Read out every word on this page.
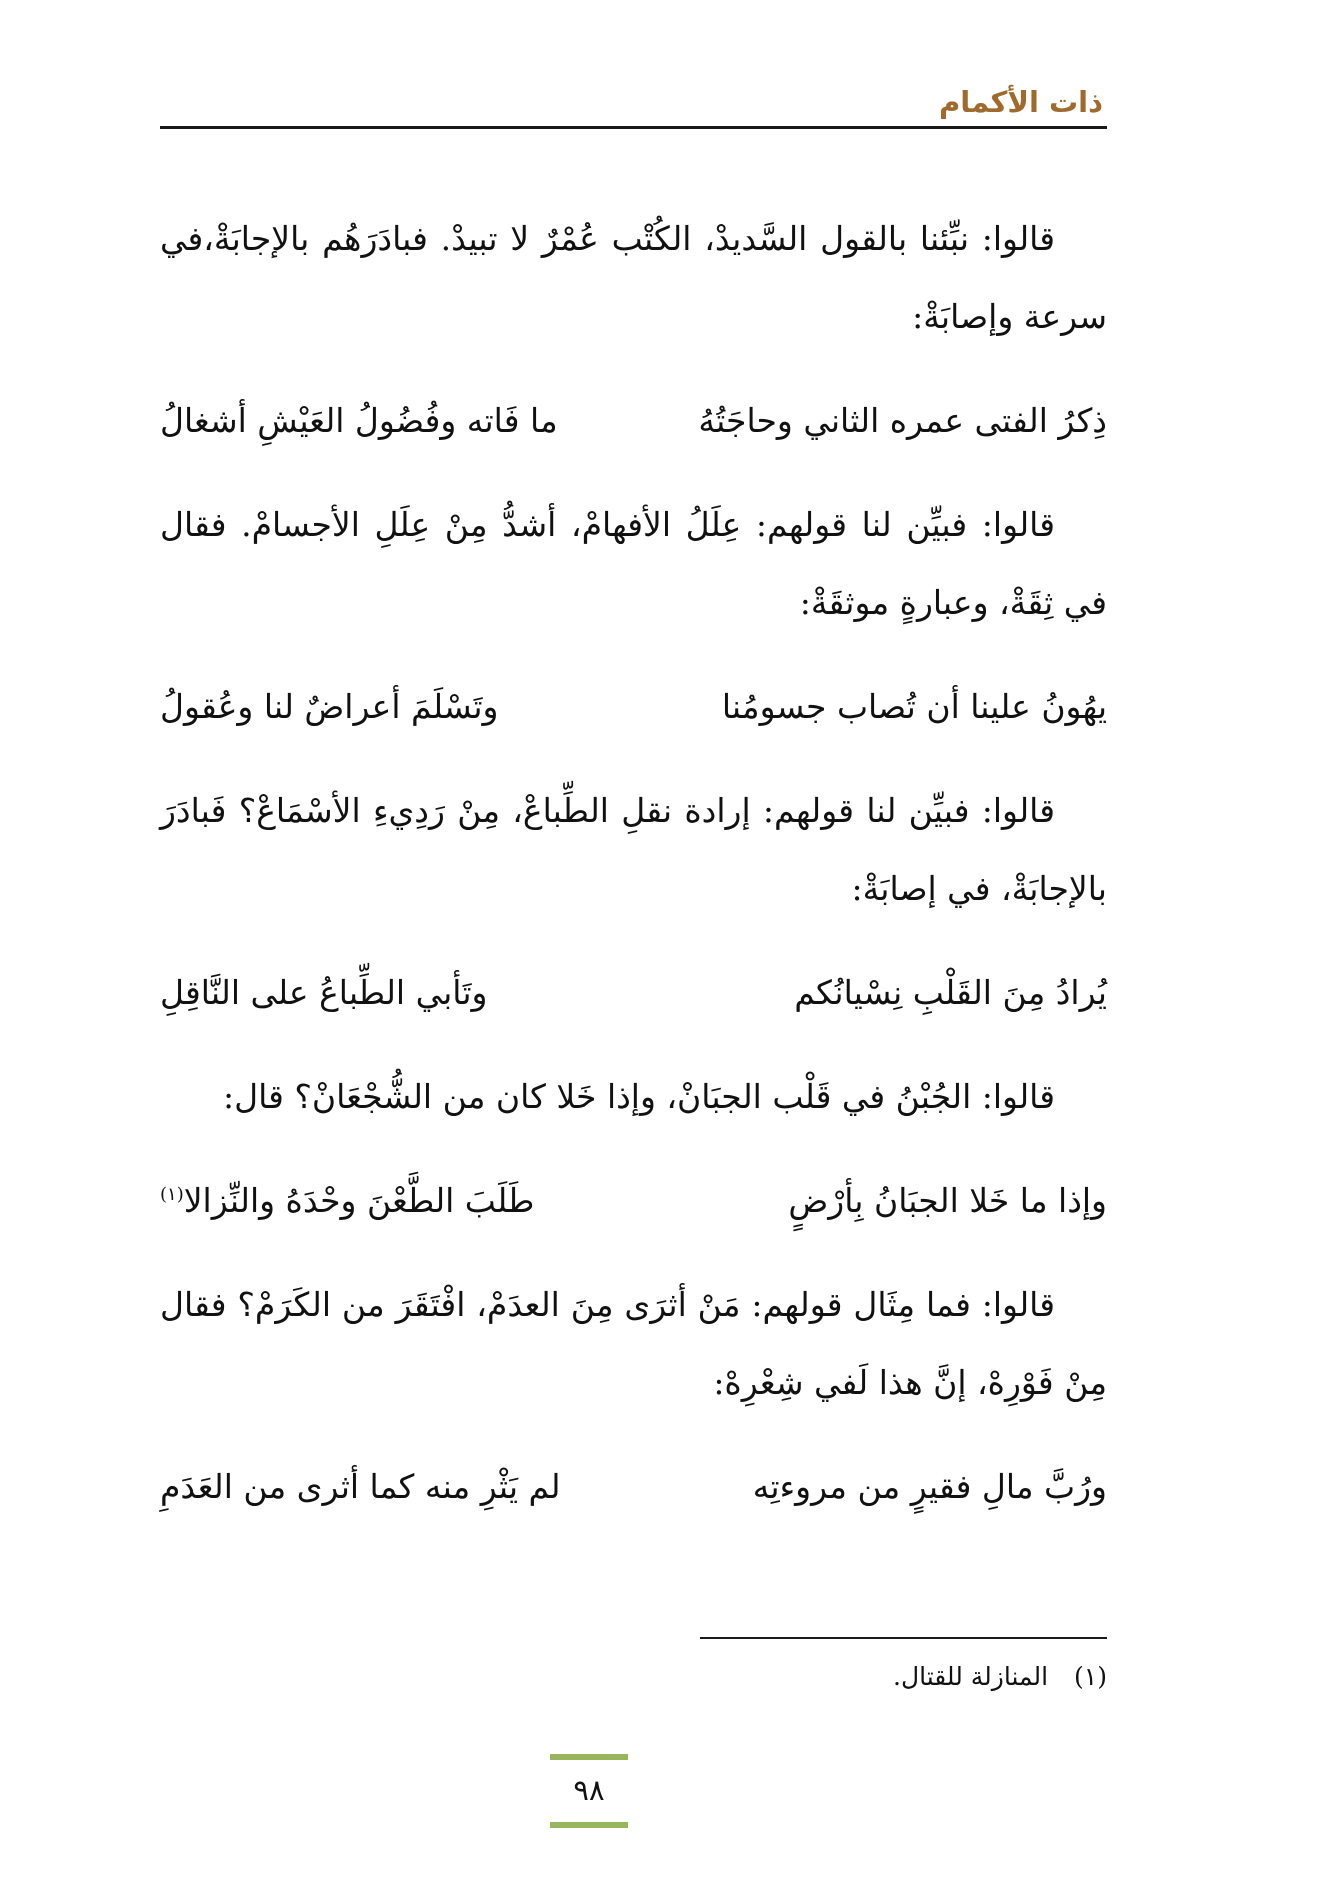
ذات الأكمام

قالوا: نبِّئنا بالقول السَّديدْ، الكُتْب عُمْرٌ لا تبيدْ. فبادَرَهُم بالإجابَةْ،في سرعة وإصابَةْ:

ذِكرُ الفتى عمره الثاني وحاجَتُهُ
ما فَاته وفُضُولُ العَيْشِ أشغالُ

قالوا: فبيِّن لنا قولهم: عِلَلُ الأفهامْ، أشدُّ مِنْ عِلَلِ الأجسامْ. فقال في ثِقَةْ، وعبارةٍ موثقَةْ:

يهُونُ علينا أن تُصاب جسومُنا
وتَسْلَمَ أعراضٌ لنا وعُقولُ

قالوا: فبيِّن لنا قولهم: إرادة نقلِ الطِّباعْ، مِنْ رَدِيءِ الأسْمَاعْ؟ فَبادَرَ بالإجابَةْ، في إصابَةْ:

يُرادُ مِنَ القَلْبِ نِسْيانُكم
وتَأبي الطِّباعُ على النَّاقِلِ

قالوا: الجُبْنُ في قَلْب الجبَانْ، وإذا خَلا كان من الشُّجْعَانْ؟ قال:

وإذا ما خَلا الجبَانُ بِأرْضٍ
طَلَبَ الطَّعْنَ وحْدَهُ والنِّزالا$^{(١)}$

قالوا: فما مِثَال قولهم: مَنْ أثرَى مِنَ العدَمْ، افْتَقَرَ من الكَرَمْ؟ فقال مِنْ فَوْرِهْ، إنَّ هذا لَفي شِعْرِهْ:

ورُبَّ مالِ فقيرٍ من مروءتِه
لم يَثْرِ منه كما أثرى من العَدَمِ
(١)
المنازلة للقتال.
٩٨
